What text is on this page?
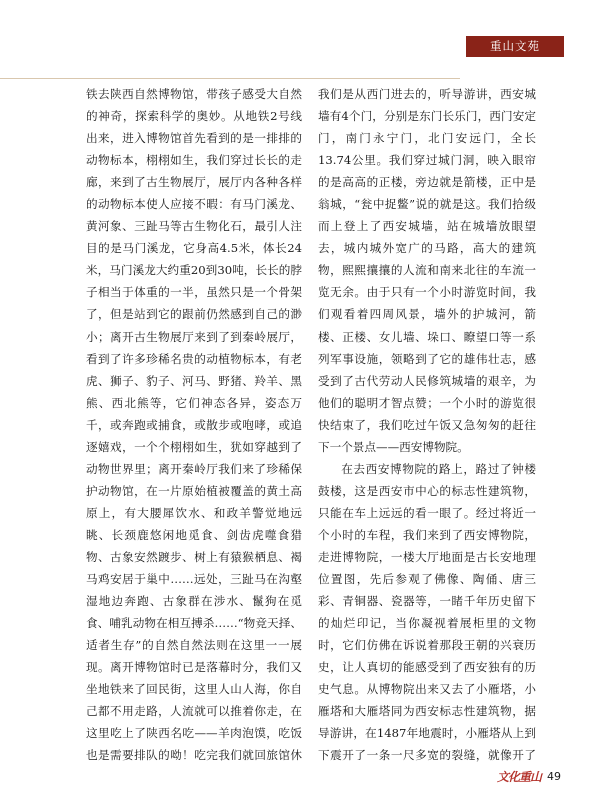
重山文苑

铁去陕西自然博物馆，带孩子感受大自然的神奇，探索科学的奥妙。从地铁2号线出来，进入博物馆首先看到的是一排排的动物标本，栩栩如生，我们穿过长长的走廊，来到了古生物展厅，展厅内各种各样的动物标本使人应接不暇：有马门溪龙、黄河象、三趾马等古生物化石，最引人注目的是马门溪龙，它身高4.5米，体长24米，马门溪龙大约重20到30吨，长长的脖子相当于体重的一半，虽然只是一个骨架了，但是站到它的跟前仍然感到自己的渺小；离开古生物展厅来到了到秦岭展厅，看到了许多珍稀名贵的动植物标本，有老虎、狮子、豹子、河马、野猪、羚羊、黑熊、西北熊等，它们神态各异，姿态万千，或奔跑或捕食，或散步或咆哮，或追逐嬉戏，一个个栩栩如生，犹如穿越到了动物世界里；离开秦岭厅我们来了珍稀保护动物馆，在一片原始植被覆盖的黄土高原上，有大腰犀饮水、和政羊警觉地远眺、长颈鹿悠闲地觅食、剑齿虎噬食猎物、古象安然踱步、树上有猿猴栖息、褐马鸡安居于巢中……远处，三趾马在沟壑湿地边奔跑、古象群在涉水、鬣狗在觅食、哺乳动物在相互搏杀……“物竞天择、适者生存”的自然自然法则在这里一一展现。离开博物馆时已是落幕时分，我们又坐地铁来了回民街，这里人山人海，你自己都不用走路，人流就可以推着你走，在这里吃上了陕西名吃——羊肉泡馍，吃饭也是需要排队的呦！吃完我们就回旅馆休

我们是从西门进去的，听导游讲，西安城墙有4个门，分别是东门长乐门，西门安定门，南门永宁门，北门安远门，全长13.74公里。我们穿过城门洞，映入眼帘的是高高的正楼，旁边就是箭楼，正中是翁城，“瓮中捉鳖”说的就是这。我们拾级而上登上了西安城墙，站在城墙放眼望去，城内城外宽广的马路，高大的建筑物，熙熙攘攘的人流和南来北往的车流一览无余。由于只有一个小时游览时间，我们观看着四周风景，墙外的护城河，箭楼、正楼、女儿墙、垛口、瞭望口等一系列军事设施，领略到了它的雄伟壮志，感受到了古代劳动人民修筑城墙的艰辛，为他们的聪明才智点赞；一个小时的游览很快结束了，我们吃过午饭又急匆匆的赶往下一个景点——西安博物院。

在去西安博物院的路上，路过了钟楼鼓楼，这是西安市中心的标志性建筑物，只能在车上远远的看一眼了。经过将近一个小时的车程，我们来到了西安博物院，走进博物院，一楼大厅地面是古长安地理位置图，先后参观了佛像、陶俑、唐三彩、青铜器、瓷器等，一睹千年历史留下的灿烂印记，当你凝视着展柜里的文物时，它们仿佛在诉说着那段王朝的兴衰历史，让人真切的能感受到了西安独有的历史气息。从博物院出来又去了小雁塔，小雁塔和大雁塔同为西安标志性建筑物，据导游讲，在1487年地震时，小雁塔从上到下震开了一条一尺多宽的裂缝，就像开了

文化重山 49
